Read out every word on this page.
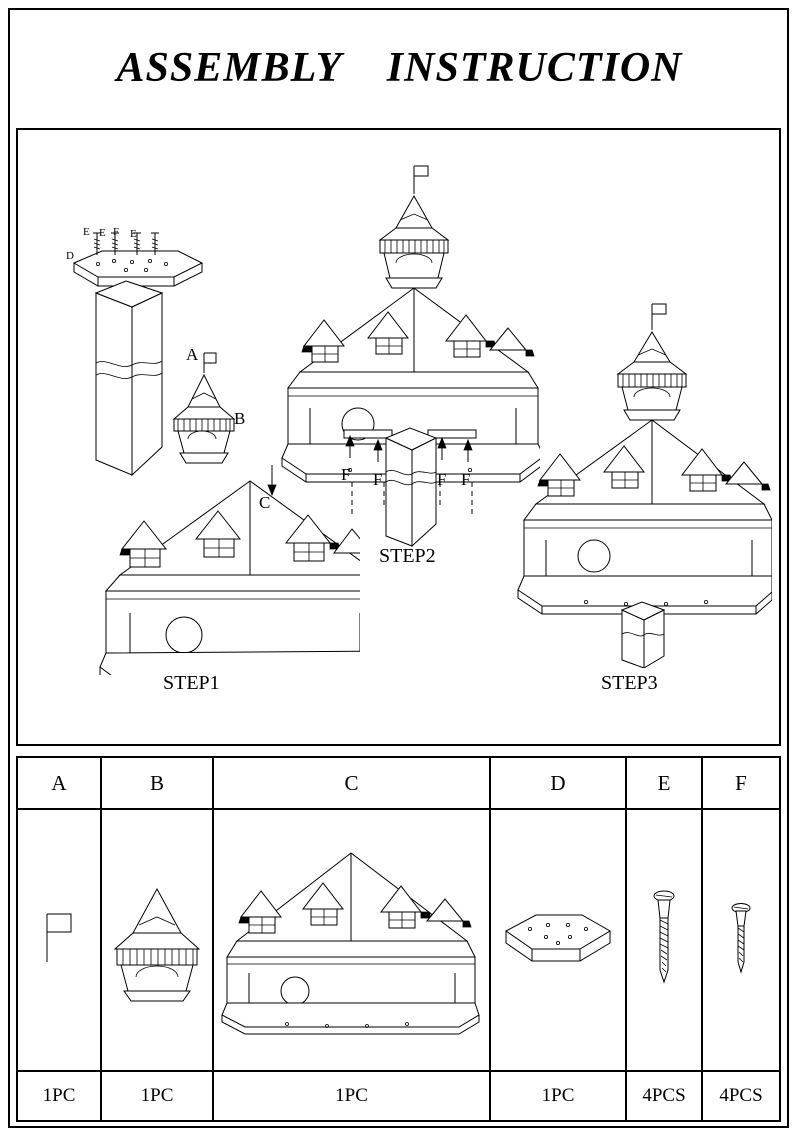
ASSEMBLY    INSTRUCTION
E E F E
D
A
B
C
STEP1
F F	F F
STEP2
STEP3
A	B	C	D	E	F
1PC	1PC	1PC	1PC	4PCS	4PCS
